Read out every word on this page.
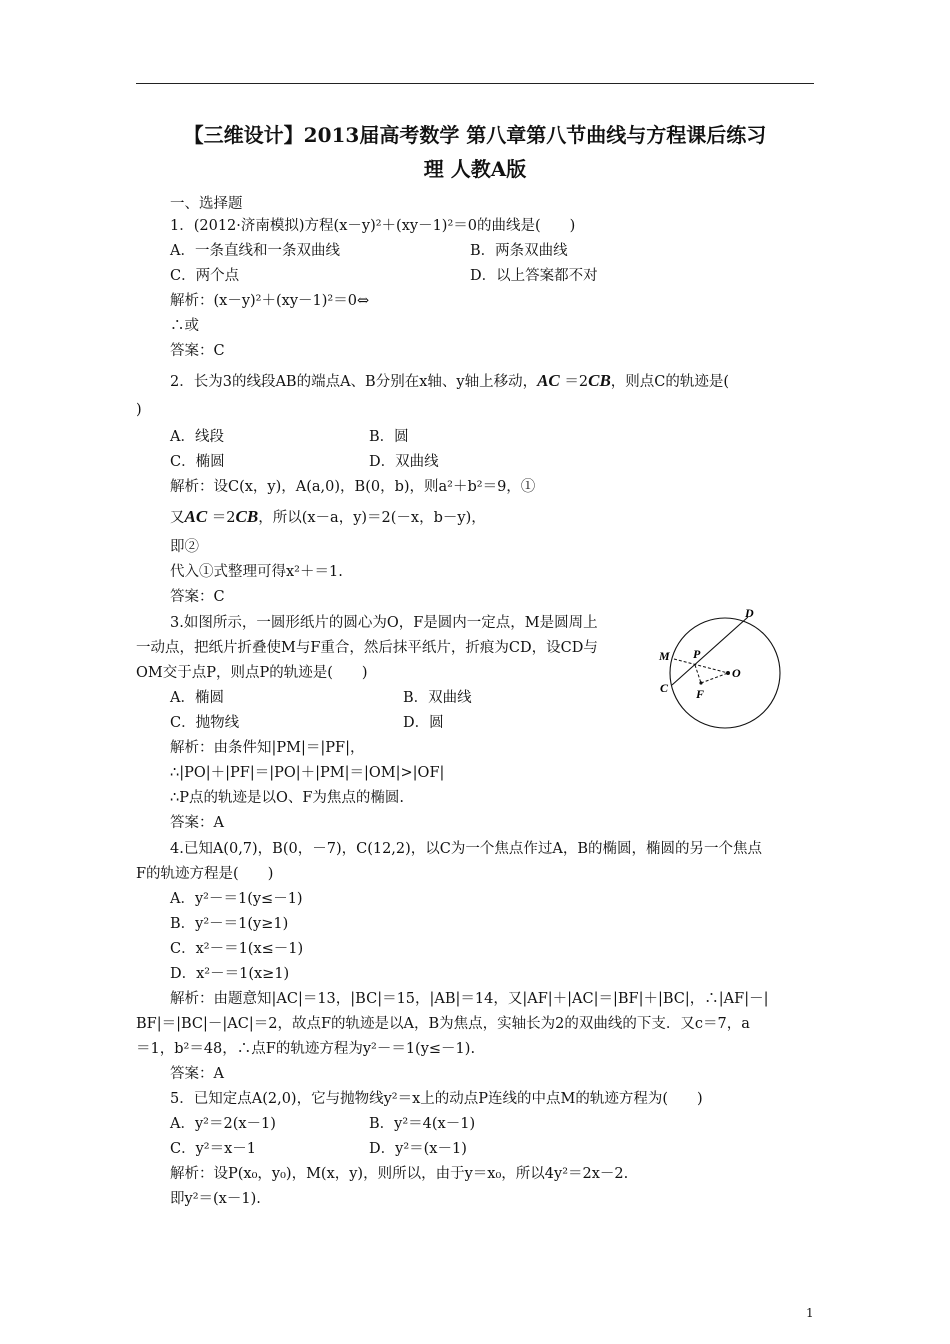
【三维设计】2013届高考数学 第八章第八节曲线与方程课后练习
理 人教A版
一、选择题
1．(2012·济南模拟)方程(x－y)²＋(xy－1)²＝0的曲线是(　　)
A．一条直线和一条双曲线	B．两条双曲线
C．两个点	D．以上答案都不对
解析：(x－y)²＋(xy－1)²＝0⇔
∴或
答案：C
2．长为3的线段AB的端点A、B分别在x轴、y轴上移动，AC ＝2CB，则点C的轨迹是(
)
A．线段	B．圆
C．椭圆	D．双曲线
解析：设C(x，y)，A(a,0)，B(0，b)，则a²＋b²＝9，①
又AC ＝2CB，所以(x－a，y)＝2(－x，b－y)，
即②
代入①式整理可得x²＋＝1.
答案：C
3.如图所示，一圆形纸片的圆心为O，F是圆内一定点，M是圆周上
一动点，把纸片折叠使M与F重合，然后抹平纸片，折痕为CD，设CD与
OM交于点P，则点P的轨迹是(　　)
A．椭圆	B．双曲线
C．抛物线	D．圆
解析：由条件知|PM|＝|PF|，
∴|PO|＋|PF|＝|PO|＋|PM|＝|OM|>|OF|
∴P点的轨迹是以O、F为焦点的椭圆.
答案：A
D
M P
O
C F
4.已知A(0,7)，B(0，－7)，C(12,2)，以C为一个焦点作过A，B的椭圆，椭圆的另一个焦点
F的轨迹方程是(　　)
A．y²－＝1(y≤－1)
B．y²－＝1(y≥1)
C．x²－＝1(x≤－1)
D．x²－＝1(x≥1)
解析：由题意知|AC|＝13，|BC|＝15，|AB|＝14，又|AF|＋|AC|＝|BF|＋|BC|，∴|AF|－|
BF|＝|BC|－|AC|＝2，故点F的轨迹是以A，B为焦点，实轴长为2的双曲线的下支．又c＝7，a
＝1，b²＝48，∴点F的轨迹方程为y²－＝1(y≤－1).
答案：A
5．已知定点A(2,0)，它与抛物线y²＝x上的动点P连线的中点M的轨迹方程为(　　)
A．y²＝2(x－1)	B．y²＝4(x－1)
C．y²＝x－1	D．y²＝(x－1)
解析：设P(x₀，y₀)，M(x，y)，则所以，由于y＝x₀，所以4y²＝2x－2.
即y²＝(x－1).
1
